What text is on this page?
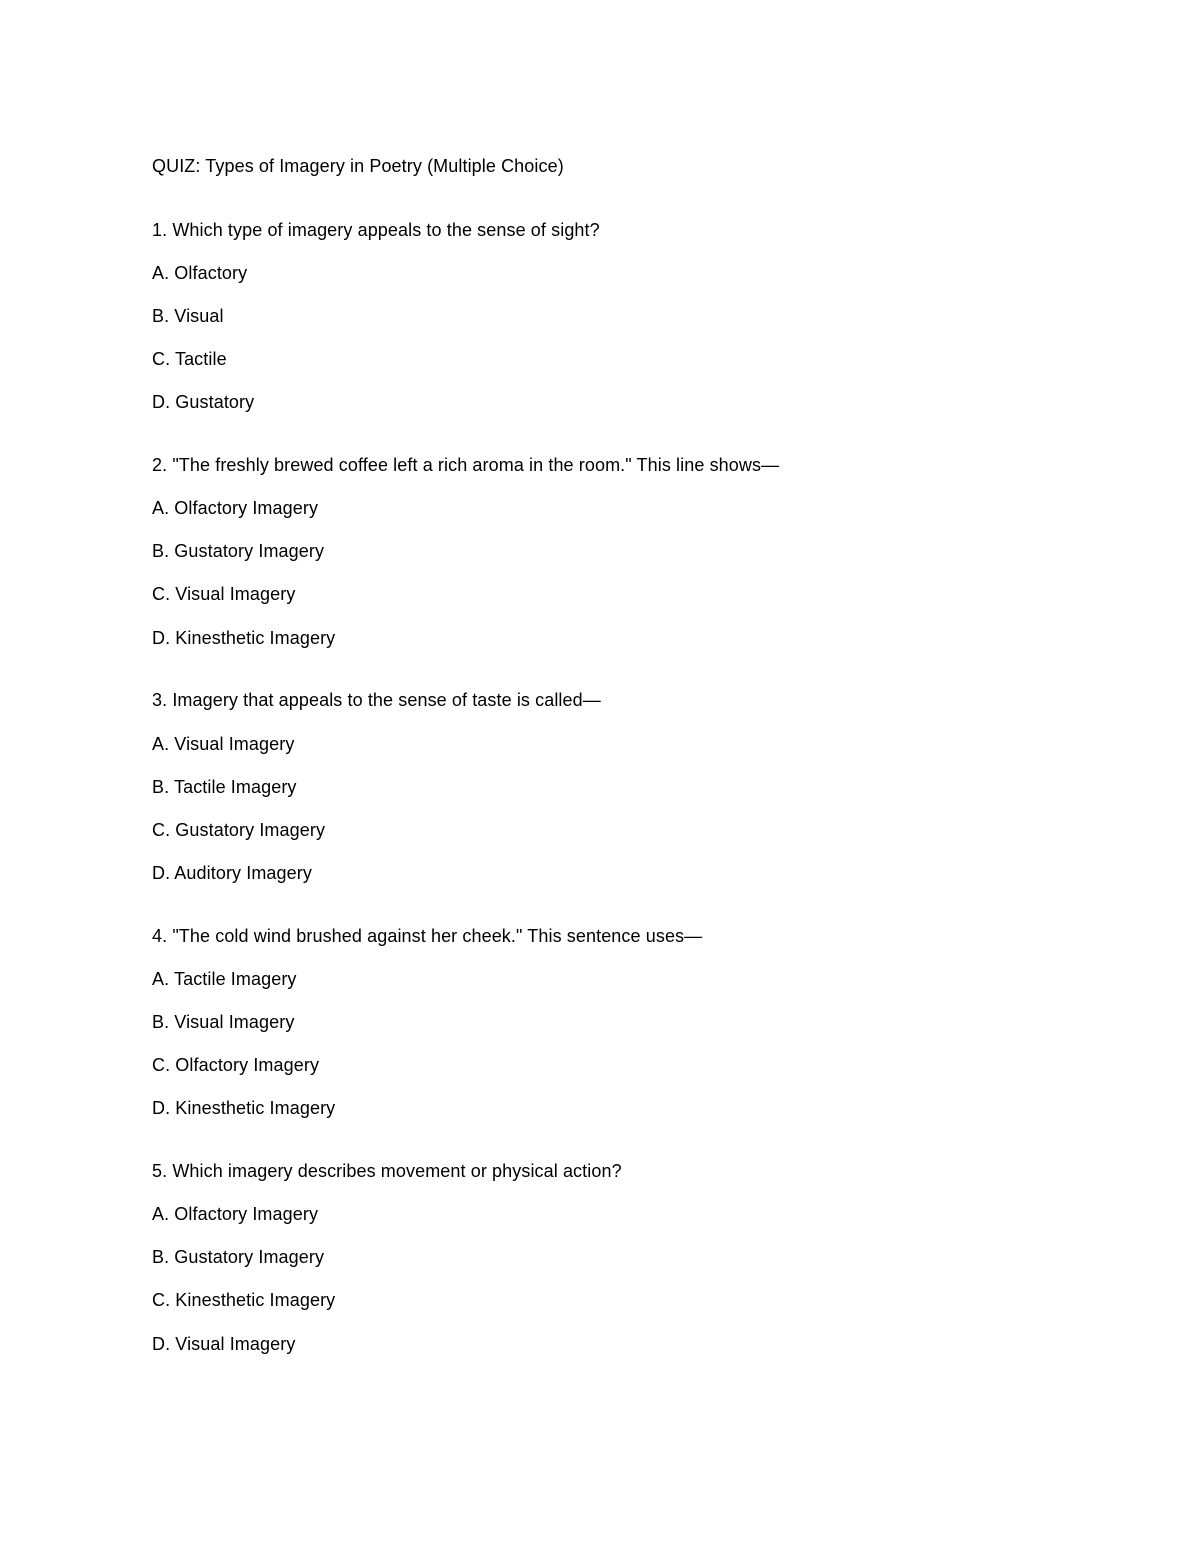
QUIZ: Types of Imagery in Poetry (Multiple Choice)
1. Which type of imagery appeals to the sense of sight?
A. Olfactory
B. Visual
C. Tactile
D. Gustatory
2. "The freshly brewed coffee left a rich aroma in the room." This line shows—
A. Olfactory Imagery
B. Gustatory Imagery
C. Visual Imagery
D. Kinesthetic Imagery
3. Imagery that appeals to the sense of taste is called—
A. Visual Imagery
B. Tactile Imagery
C. Gustatory Imagery
D. Auditory Imagery
4. "The cold wind brushed against her cheek." This sentence uses—
A. Tactile Imagery
B. Visual Imagery
C. Olfactory Imagery
D. Kinesthetic Imagery
5. Which imagery describes movement or physical action?
A. Olfactory Imagery
B. Gustatory Imagery
C. Kinesthetic Imagery
D. Visual Imagery
